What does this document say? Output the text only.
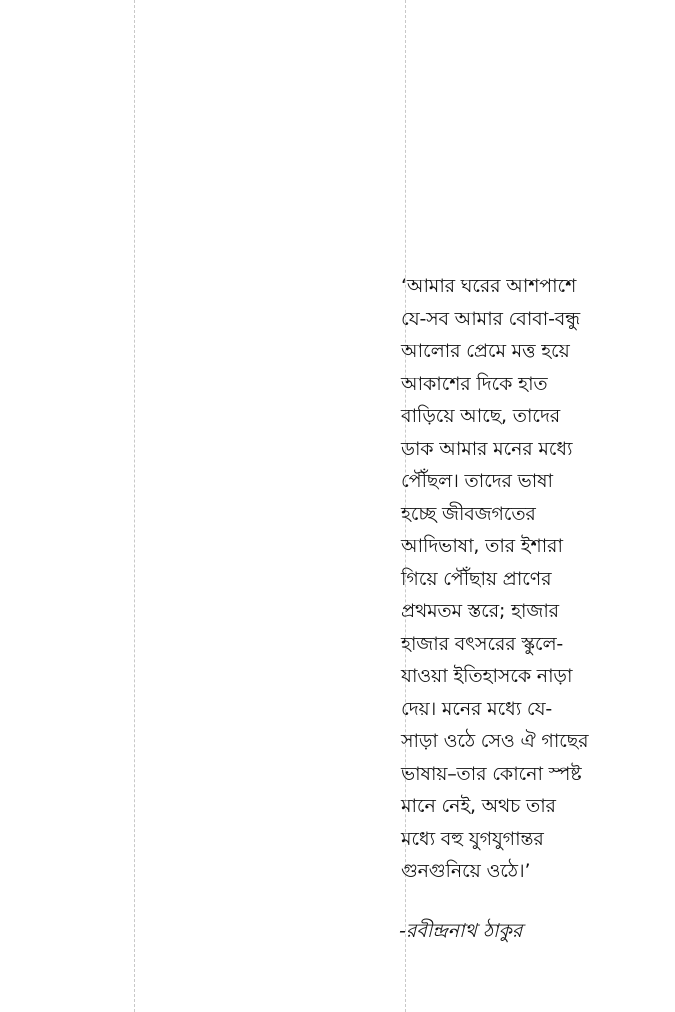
‘আমার ঘরের আশপাশে
যে-সব আমার বোবা-বন্ধু
আলোর প্রেমে মত্ত হয়ে
আকাশের দিকে হাত
বাড়িয়ে আছে, তাদের
ডাক আমার মনের মধ্যে
পৌঁছল। তাদের ভাষা
হচ্ছে জীবজগতের
আদিভাষা, তার ইশারা
গিয়ে পৌঁছায় প্রাণের
প্রথমতম স্তরে; হাজার
হাজার বৎসরের স্কুলে-
যাওয়া ইতিহাসকে নাড়া
দেয়। মনের মধ্যে যে-
সাড়া ওঠে সেও ঐ গাছের
ভাষায়–তার কোনো স্পষ্ট
মানে নেই, অথচ তার
মধ্যে বহু যুগযুগান্তর
গুনগুনিয়ে ওঠে।’
-রবীন্দ্রনাথ ঠাকুর
